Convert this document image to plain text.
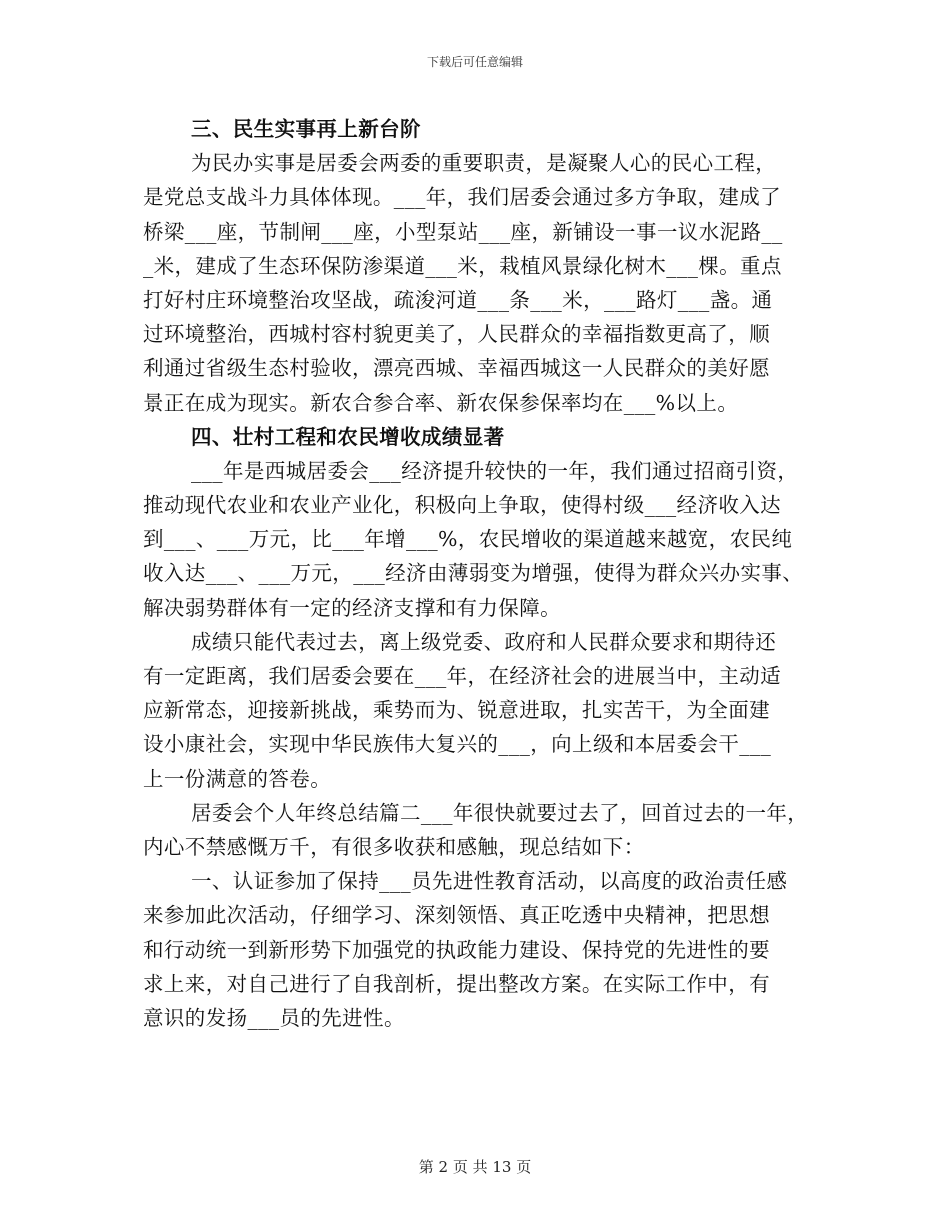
下载后可任意编辑
三、民生实事再上新台阶
为民办实事是居委会两委的重要职责，是凝聚人心的民心工程，
是党总支战斗力具体体现。___年，我们居委会通过多方争取，建成了
桥梁___座，节制闸___座，小型泵站___座，新铺设一事一议水泥路__
_米，建成了生态环保防渗渠道___米，栽植风景绿化树木___棵。重点
打好村庄环境整治攻坚战，疏浚河道___条___米，___路灯___盏。通
过环境整治，西城村容村貌更美了，人民群众的幸福指数更高了，顺
利通过省级生态村验收，漂亮西城、幸福西城这一人民群众的美好愿
景正在成为现实。新农合参合率、新农保参保率均在___%以上。
四、壮村工程和农民增收成绩显著
___年是西城居委会___经济提升较快的一年，我们通过招商引资，
推动现代农业和农业产业化，积极向上争取，使得村级___经济收入达
到___、___万元，比___年增___%，农民增收的渠道越来越宽，农民纯
收入达___、___万元，___经济由薄弱变为增强，使得为群众兴办实事、
解决弱势群体有一定的经济支撑和有力保障。
成绩只能代表过去，离上级党委、政府和人民群众要求和期待还
有一定距离，我们居委会要在___年，在经济社会的进展当中，主动适
应新常态，迎接新挑战，乘势而为、锐意进取，扎实苦干，为全面建
设小康社会，实现中华民族伟大复兴的___，向上级和本居委会干___
上一份满意的答卷。
居委会个人年终总结篇二___年很快就要过去了，回首过去的一年，
内心不禁感慨万千，有很多收获和感触，现总结如下：
一、认证参加了保持___员先进性教育活动，以高度的政治责任感
来参加此次活动，仔细学习、深刻领悟、真正吃透中央精神，把思想
和行动统一到新形势下加强党的执政能力建设、保持党的先进性的要
求上来，对自己进行了自我剖析，提出整改方案。在实际工作中，有
意识的发扬___员的先进性。
第 2 页 共 13 页
